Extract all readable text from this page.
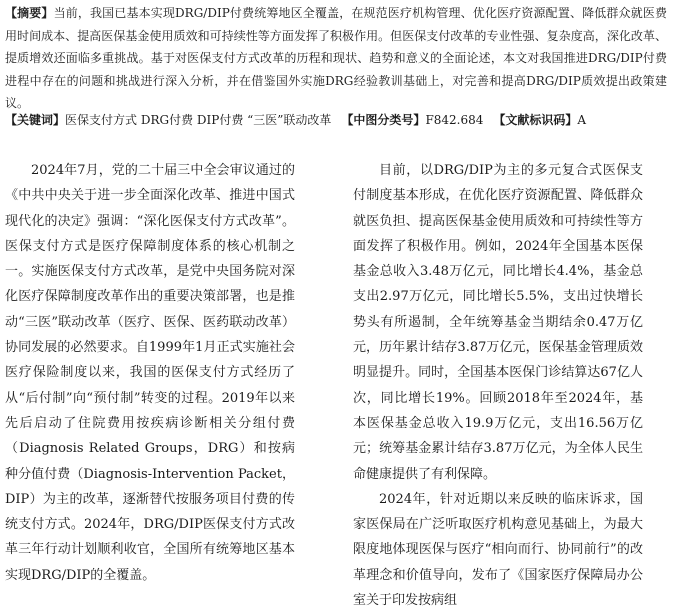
【摘要】当前，我国已基本实现DRG/DIP付费统筹地区全覆盖，在规范医疗机构管理、优化医疗资源配置、降低群众就医费用时间成本、提高医保基金使用质效和可持续性等方面发挥了积极作用。但医保支付改革的专业性强、复杂度高，深化改革、提质增效还面临多重挑战。基于对医保支付方式改革的历程和现状、趋势和意义的全面论述，本文对我国推进DRG/DIP付费进程中存在的问题和挑战进行深入分析，并在借鉴国外实施DRG经验教训基础上，对完善和提高DRG/DIP质效提出政策建议。

【关键词】医保支付方式 DRG付费 DIP付费 “三医”联动改革 【中图分类号】F842.684 【文献标识码】A

2024年7月，党的二十届三中全会审议通过的《中共中央关于进一步全面深化改革、推进中国式现代化的决定》强调：“深化医保支付方式改革”。医保支付方式是医疗保障制度体系的核心机制之一。实施医保支付方式改革，是党中央国务院对深化医疗保障制度改革作出的重要决策部署，也是推动“三医”联动改革（医疗、医保、医药联动改革）协同发展的必然要求。自1999年1月正式实施社会医疗保险制度以来，我国的医保支付方式经历了从“后付制”向“预付制”转变的过程。2019年以来先后启动了住院费用按疾病诊断相关分组付费（Diagnosis Related Groups，DRG）和按病种分值付费（Diagnosis-Intervention Packet，DIP）为主的改革，逐渐替代按服务项目付费的传统支付方式。2024年，DRG/DIP医保支付方式改革三年行动计划顺利收官，全国所有统筹地区基本实现DRG/DIP的全覆盖。

目前，以DRG/DIP为主的多元复合式医保支付制度基本形成，在优化医疗资源配置、降低群众就医负担、提高医保基金使用质效和可持续性等方面发挥了积极作用。例如，2024年全国基本医保基金总收入3.48万亿元，同比增长4.4%，基金总支出2.97万亿元，同比增长5.5%，支出过快增长势头有所遏制，全年统筹基金当期结余0.47万亿元，历年累计结存3.87万亿元，医保基金管理质效明显提升。同时，全国基本医保门诊结算达67亿人次，同比增长19%。回顾2018年至2024年，基本医保基金总收入19.9万亿元，支出16.56万亿元；统筹基金累计结存3.87万亿元，为全体人民生命健康提供了有利保障。

2024年，针对近期以来反映的临床诉求，国家医保局在广泛听取医疗机构意见基础上，为最大限度地体现医保与医疗“相向而行、协同前行”的改革理念和价值导向，发布了《国家医疗保障局办公室关于印发按病组
